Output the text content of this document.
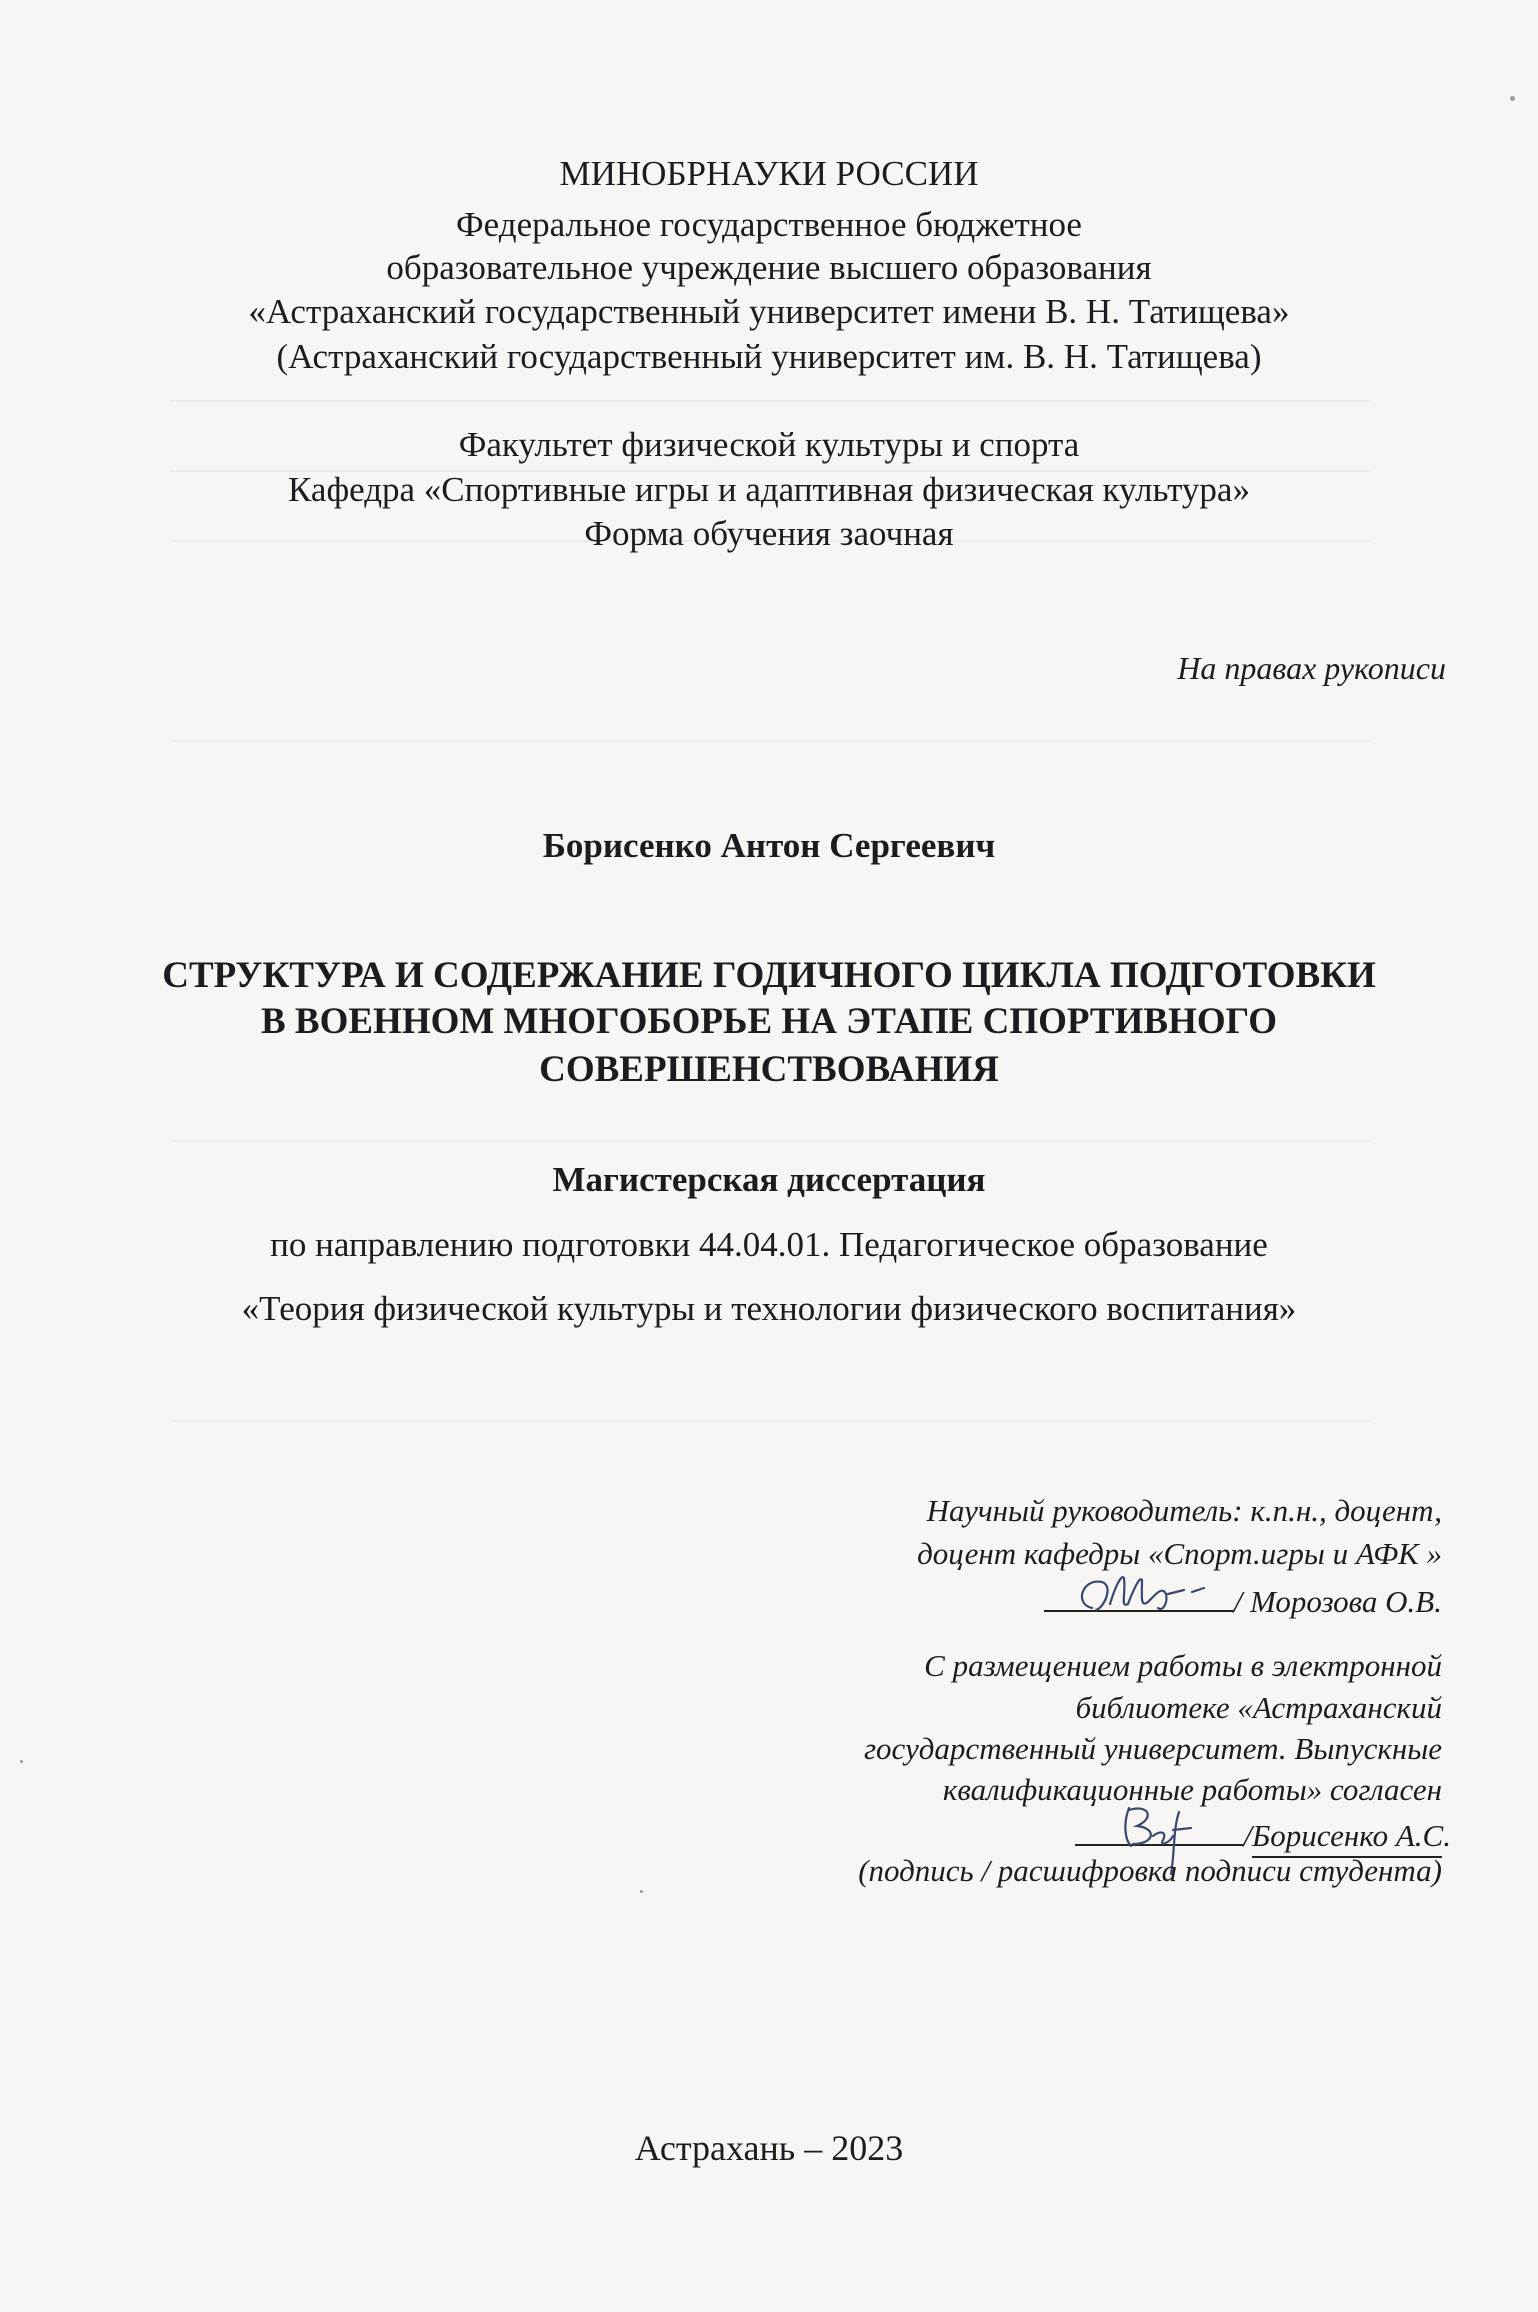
МИНОБРНАУКИ РОССИИ
Федеральное государственное бюджетное
образовательное учреждение высшего образования
«Астраханский государственный университет имени В. Н. Татищева»
(Астраханский государственный университет им. В. Н. Татищева)
Факультет физической культуры и спорта
Кафедра «Спортивные игры и адаптивная физическая культура»
Форма обучения заочная
На правах рукописи
Борисенко Антон Сергеевич
СТРУКТУРА И СОДЕРЖАНИЕ ГОДИЧНОГО ЦИКЛА ПОДГОТОВКИ
В ВОЕННОМ МНОГОБОРЬЕ НА ЭТАПЕ СПОРТИВНОГО
СОВЕРШЕНСТВОВАНИЯ
Магистерская диссертация
по направлению подготовки 44.04.01. Педагогическое образование
«Теория физической культуры и технологии физического воспитания»
Научный руководитель: к.п.н., доцент,
доцент кафедры «Спорт.игры и АФК »
/ Морозова О.В.
С размещением работы в электронной
библиотеке «Астраханский
государственный университет. Выпускные
квалификационные работы» согласен
/Борисенко А.С.
(подпись / расшифровка подписи студента)
Астрахань – 2023
